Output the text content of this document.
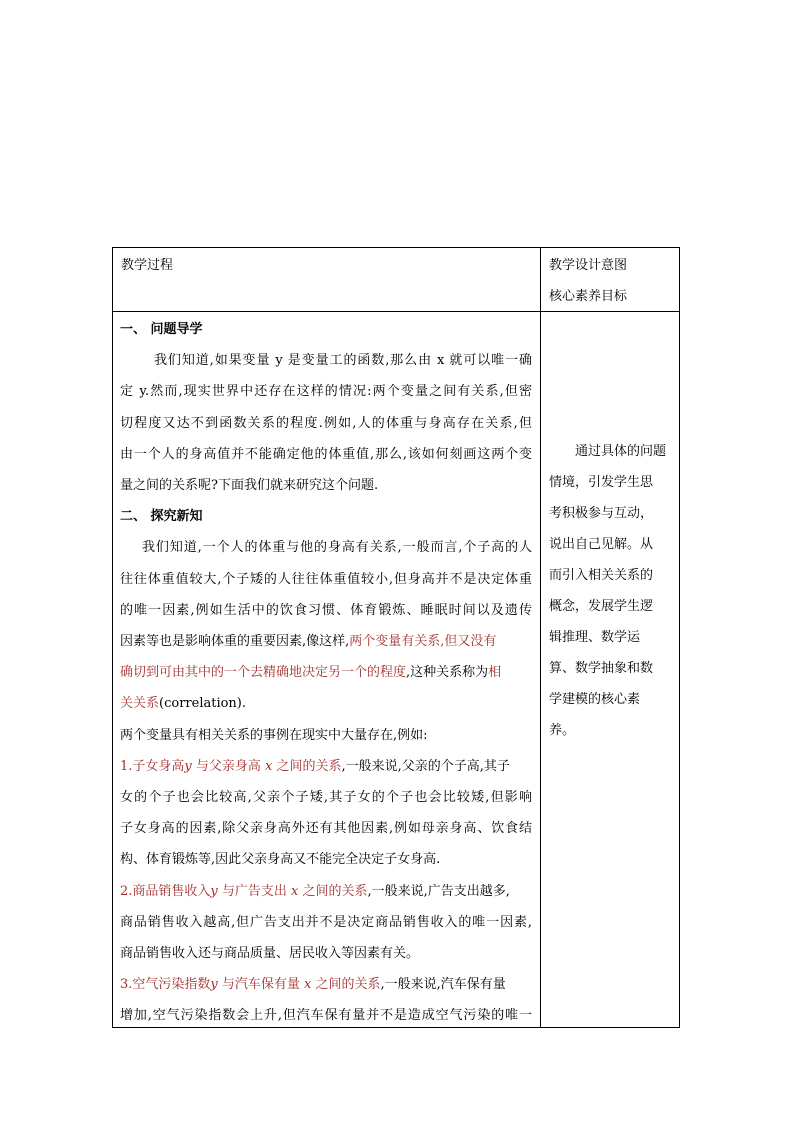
教学过程	教学设计意图
核心素养目标
一、 问题导学
我们知道,如果变量 y 是变量工的函数,那么由 x 就可以唯一确
定 y.然而,现实世界中还存在这样的情况:两个变量之间有关系,但密
切程度又达不到函数关系的程度.例如,人的体重与身高存在关系,但
由一个人的身高值并不能确定他的体重值,那么,该如何刻画这两个变
量之间的关系呢?下面我们就来研究这个问题.
二、 探究新知
我们知道,一个人的体重与他的身高有关系,一般而言,个子高的人
往往体重值较大,个子矮的人往往体重值较小,但身高并不是决定体重
的唯一因素,例如生活中的饮食习惯、体育锻炼、睡眠时间以及遗传
因素等也是影响体重的重要因素,像这样,两个变量有关系,但又没有
确切到可由其中的一个去精确地决定另一个的程度,这种关系称为相
关关系(correlation).
两个变量具有相关关系的事例在现实中大量存在,例如:
1.子女身高y 与父亲身高 x 之间的关系,一般来说,父亲的个子高,其子
女的个子也会比较高,父亲个子矮,其子女的个子也会比较矮,但影响
子女身高的因素,除父亲身高外还有其他因素,例如母亲身高、饮食结
构、体育锻炼等,因此父亲身高又不能完全决定子女身高.
2.商品销售收入y 与广告支出 x 之间的关系,一般来说,广告支出越多,
商品销售收入越高,但广告支出并不是决定商品销售收入的唯一因素,
商品销售收入还与商品质量、居民收入等因素有关。
3.空气污染指数y 与汽车保有量 x 之间的关系,一般来说,汽车保有量
增加,空气污染指数会上升,但汽车保有量并不是造成空气污染的唯一
通过具体的问题
情境，引发学生思
考积极参与互动，
说出自己见解。从
而引入相关关系的
概念，发展学生逻
辑推理、数学运
算、数学抽象和数
学建模的核心素
养。
